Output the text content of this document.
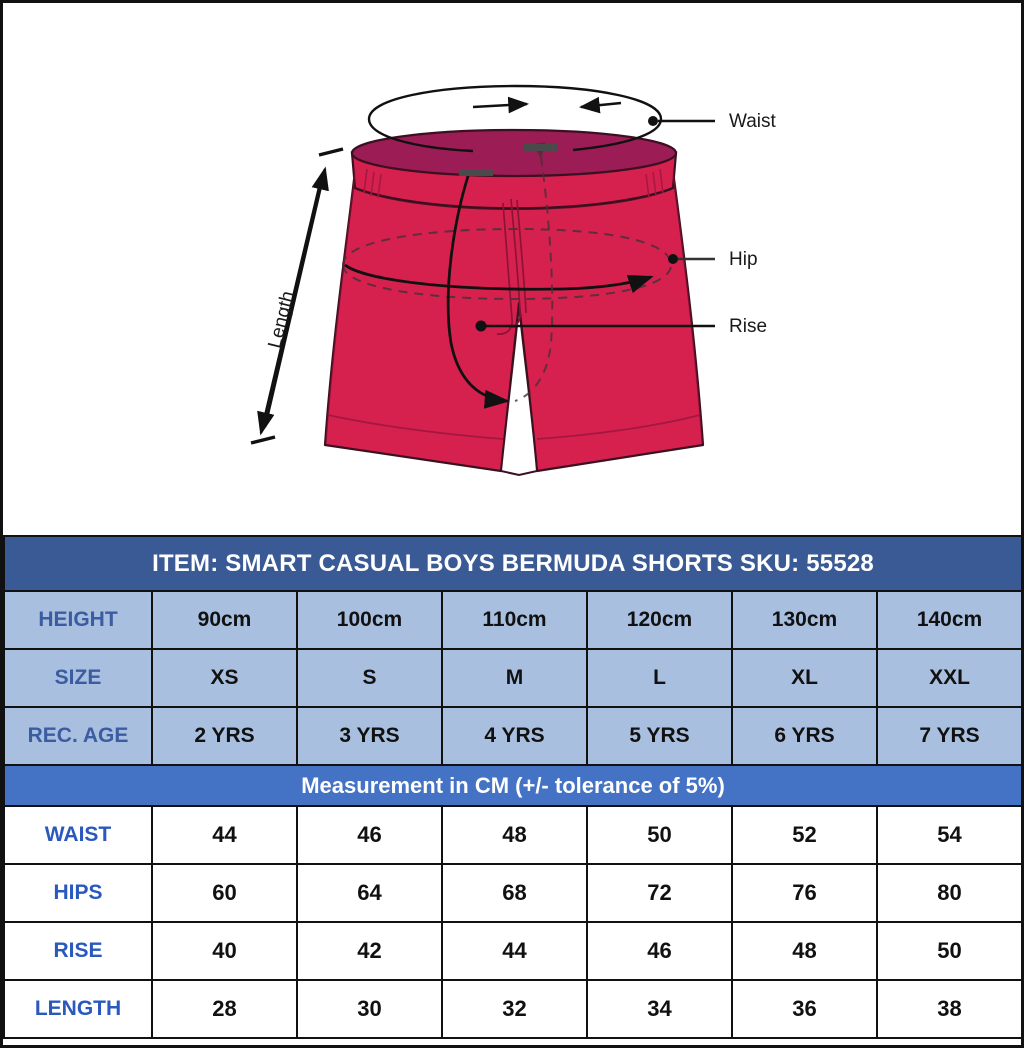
Length
Waist
Hip
Rise
ITEM: SMART CASUAL BOYS BERMUDA SHORTS SKU: 55528						
HEIGHT	90cm	100cm	110cm	120cm	130cm	140cm
SIZE	XS	S	M	L	XL	XXL
REC. AGE	2 YRS	3 YRS	4 YRS	5 YRS	6 YRS	7 YRS
Measurement in CM (+/- tolerance of 5%)						
WAIST	44	46	48	50	52	54
HIPS	60	64	68	72	76	80
RISE	40	42	44	46	48	50
LENGTH	28	30	32	34	36	38
